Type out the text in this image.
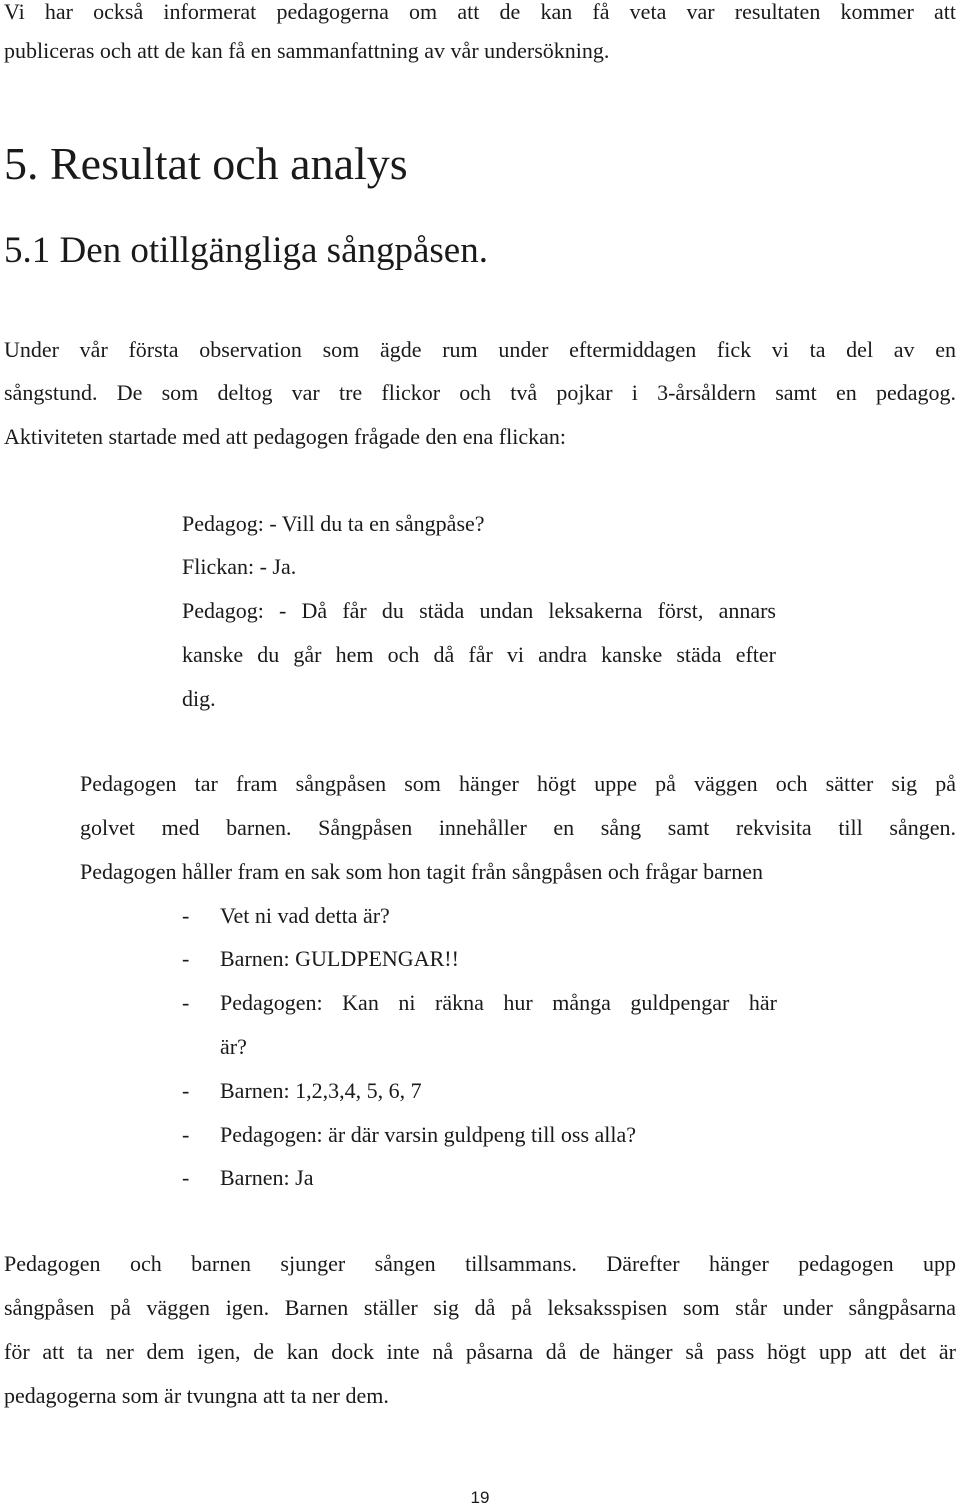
Vi har också informerat pedagogerna om att de kan få veta var resultaten kommer att
publiceras och att de kan få en sammanfattning av vår undersökning.
5. Resultat och analys
5.1 Den otillgängliga sångpåsen.
Under vår första observation som ägde rum under eftermiddagen fick vi ta del av en
sångstund. De som deltog var tre flickor och två pojkar i 3-årsåldern samt en pedagog.
Aktiviteten startade med att pedagogen frågade den ena flickan:
Pedagog: - Vill du ta en sångpåse?
Flickan: - Ja.
Pedagog: - Då får du städa undan leksakerna först, annars
kanske du går hem och då får vi andra kanske städa efter
dig.
Pedagogen tar fram sångpåsen som hänger högt uppe på väggen och sätter sig på
golvet med barnen. Sångpåsen innehåller en sång samt rekvisita till sången.
Pedagogen håller fram en sak som hon tagit från sångpåsen och frågar barnen
- Vet ni vad detta är?
- Barnen: GULDPENGAR!!
-	Pedagogen: Kan ni räkna hur många guldpengar här
är?
- Barnen: 1,2,3,4, 5, 6, 7
- Pedagogen: är där varsin guldpeng till oss alla?
- Barnen: Ja
Pedagogen och barnen sjunger sången tillsammans. Därefter hänger pedagogen upp
sångpåsen på väggen igen. Barnen ställer sig då på leksaksspisen som står under sångpåsarna
för att ta ner dem igen, de kan dock inte nå påsarna då de hänger så pass högt upp att det är
pedagogerna som är tvungna att ta ner dem.
19
